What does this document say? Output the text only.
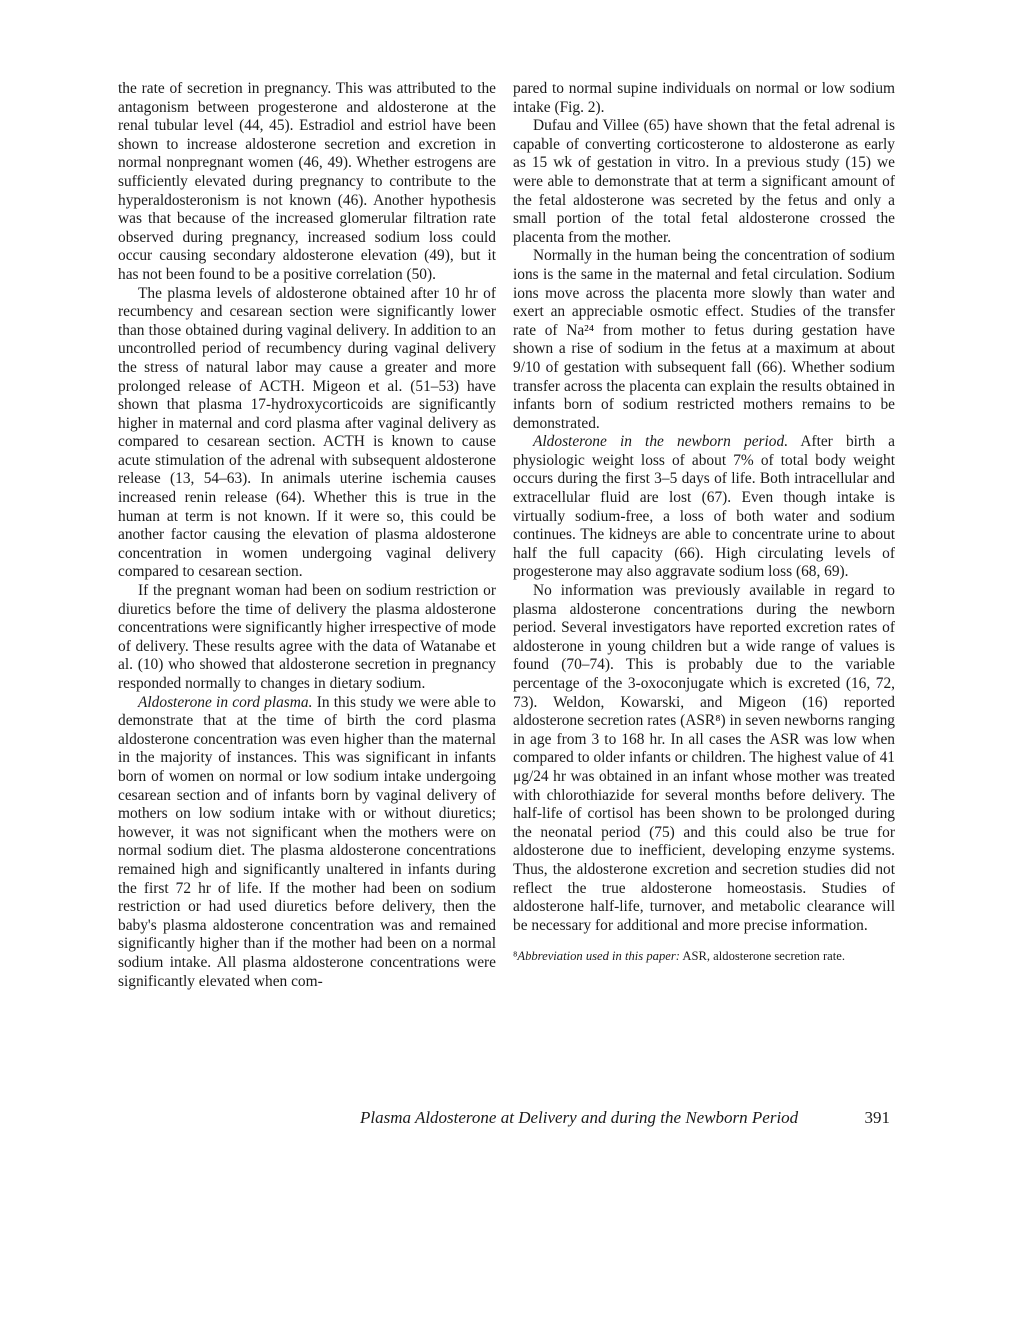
the rate of secretion in pregnancy. This was attributed to the antagonism between progesterone and aldosterone at the renal tubular level (44, 45). Estradiol and estriol have been shown to increase aldosterone secretion and excretion in normal nonpregnant women (46, 49). Whether estrogens are sufficiently elevated during pregnancy to contribute to the hyperaldosteronism is not known (46). Another hypothesis was that because of the increased glomerular filtration rate observed during pregnancy, increased sodium loss could occur causing secondary aldosterone elevation (49), but it has not been found to be a positive correlation (50).

The plasma levels of aldosterone obtained after 10 hr of recumbency and cesarean section were significantly lower than those obtained during vaginal delivery. In addition to an uncontrolled period of recumbency during vaginal delivery the stress of natural labor may cause a greater and more prolonged release of ACTH. Migeon et al. (51–53) have shown that plasma 17-hydroxycorticoids are significantly higher in maternal and cord plasma after vaginal delivery as compared to cesarean section. ACTH is known to cause acute stimulation of the adrenal with subsequent aldosterone release (13, 54–63). In animals uterine ischemia causes increased renin release (64). Whether this is true in the human at term is not known. If it were so, this could be another factor causing the elevation of plasma aldosterone concentration in women undergoing vaginal delivery compared to cesarean section.

If the pregnant woman had been on sodium restriction or diuretics before the time of delivery the plasma aldosterone concentrations were significantly higher irrespective of mode of delivery. These results agree with the data of Watanabe et al. (10) who showed that aldosterone secretion in pregnancy responded normally to changes in dietary sodium.

Aldosterone in cord plasma. In this study we were able to demonstrate that at the time of birth the cord plasma aldosterone concentration was even higher than the maternal in the majority of instances. This was significant in infants born of women on normal or low sodium intake undergoing cesarean section and of infants born by vaginal delivery of mothers on low sodium intake with or without diuretics; however, it was not significant when the mothers were on normal sodium diet. The plasma aldosterone concentrations remained high and significantly unaltered in infants during the first 72 hr of life. If the mother had been on sodium restriction or had used diuretics before delivery, then the baby's plasma aldosterone concentration was and remained significantly higher than if the mother had been on a normal sodium intake. All plasma aldosterone concentrations were significantly elevated when com-

pared to normal supine individuals on normal or low sodium intake (Fig. 2).

Dufau and Villee (65) have shown that the fetal adrenal is capable of converting corticosterone to aldosterone as early as 15 wk of gestation in vitro. In a previous study (15) we were able to demonstrate that at term a significant amount of the fetal aldosterone was secreted by the fetus and only a small portion of the total fetal aldosterone crossed the placenta from the mother.

Normally in the human being the concentration of sodium ions is the same in the maternal and fetal circulation. Sodium ions move across the placenta more slowly than water and exert an appreciable osmotic effect. Studies of the transfer rate of Na²⁴ from mother to fetus during gestation have shown a rise of sodium in the fetus at a maximum at about 9/10 of gestation with subsequent fall (66). Whether sodium transfer across the placenta can explain the results obtained in infants born of sodium restricted mothers remains to be demonstrated.

Aldosterone in the newborn period. After birth a physiologic weight loss of about 7% of total body weight occurs during the first 3–5 days of life. Both intracellular and extracellular fluid are lost (67). Even though intake is virtually sodium-free, a loss of both water and sodium continues. The kidneys are able to concentrate urine to about half the full capacity (66). High circulating levels of progesterone may also aggravate sodium loss (68, 69).

No information was previously available in regard to plasma aldosterone concentrations during the newborn period. Several investigators have reported excretion rates of aldosterone in young children but a wide range of values is found (70–74). This is probably due to the variable percentage of the 3-oxoconjugate which is excreted (16, 72, 73). Weldon, Kowarski, and Migeon (16) reported aldosterone secretion rates (ASR⁸) in seven newborns ranging in age from 3 to 168 hr. In all cases the ASR was low when compared to older infants or children. The highest value of 41 μg/24 hr was obtained in an infant whose mother was treated with chlorothiazide for several months before delivery. The half-life of cortisol has been shown to be prolonged during the neonatal period (75) and this could also be true for aldosterone due to inefficient, developing enzyme systems. Thus, the aldosterone excretion and secretion studies did not reflect the true aldosterone homeostasis. Studies of aldosterone half-life, turnover, and metabolic clearance will be necessary for additional and more precise information.

⁸Abbreviation used in this paper: ASR, aldosterone secretion rate.
Plasma Aldosterone at Delivery and during the Newborn Period	391
